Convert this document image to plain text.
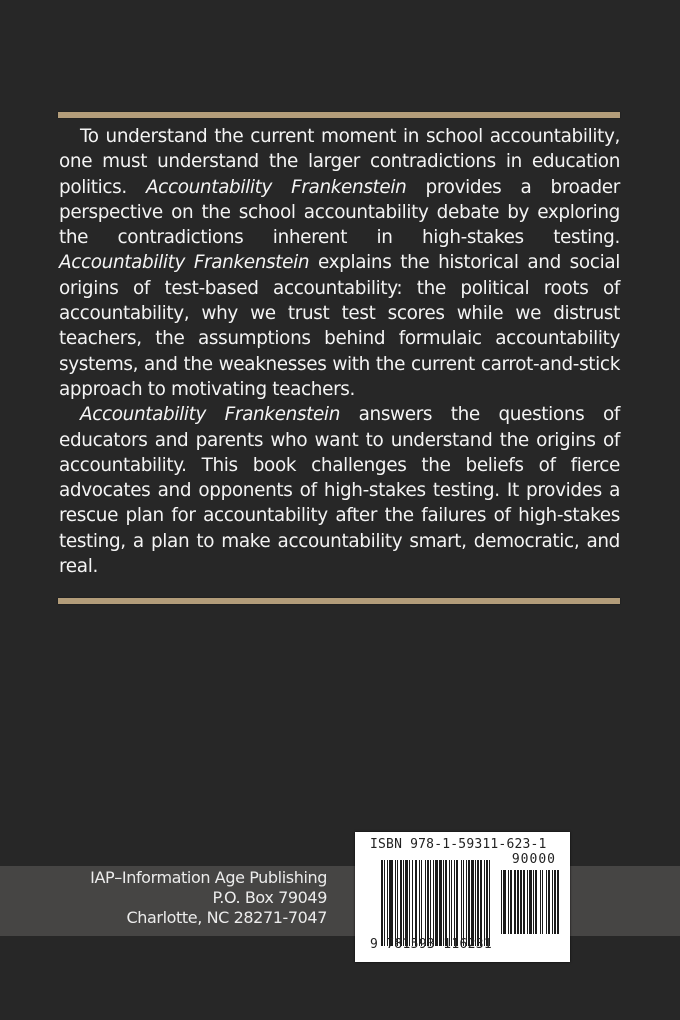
To understand the current moment in school accountability, one must understand the larger contradictions in education politics. Accountability Frankenstein provides a broader perspective on the school accountability debate by exploring the contradictions inherent in high-stakes testing. Accountability Frankenstein explains the historical and social origins of test-based accountability: the political roots of accountability, why we trust test scores while we distrust teachers, the assumptions behind formulaic accountability systems, and the weaknesses with the current carrot-and-stick approach to motivating teachers.

Accountability Frankenstein answers the questions of educators and parents who want to understand the origins of accountability. This book challenges the beliefs of fierce advocates and opponents of high-stakes testing. It provides a rescue plan for accountability after the failures of high-stakes testing, a plan to make accountability smart, democratic, and real.

IAP–Information Age Publishing
P.O. Box 79049
Charlotte, NC 28271-7047
ISBN 978-1-59311-623-1
90000
9 781593 116231
